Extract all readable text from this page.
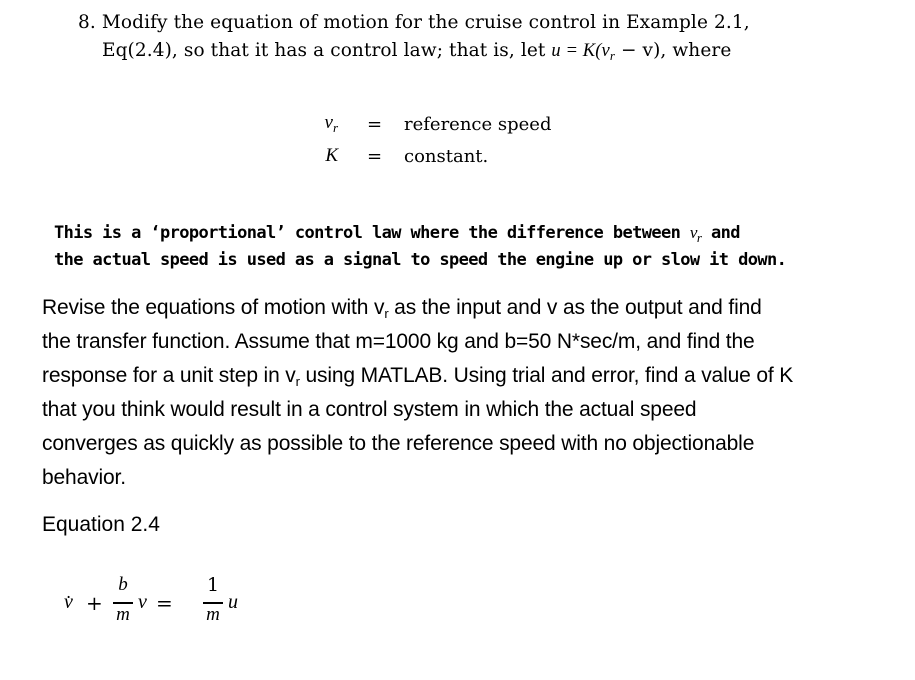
8. Modify the equation of motion for the cruise control in Example 2.1,
Eq(2.4), so that it has a control law; that is, let $u = K(v_r - v)$, where
$v_r$ = reference speed
K = constant.
This is a ‘proportional’ control law where the difference between $v_r$ and
the actual speed is used as a signal to speed the engine up or slow it down.
Revise the equations of motion with vr as the input and v as the output and find
the transfer function. Assume that m=1000 kg and b=50 N*sec/m, and find the
response for a unit step in vr using MATLAB. Using trial and error, find a value of K
that you think would result in a control system in which the actual speed
converges as quickly as possible to the reference speed with no objectionable
behavior.
Equation 2.4
v̇ +
b
m
v =
1
m
u
